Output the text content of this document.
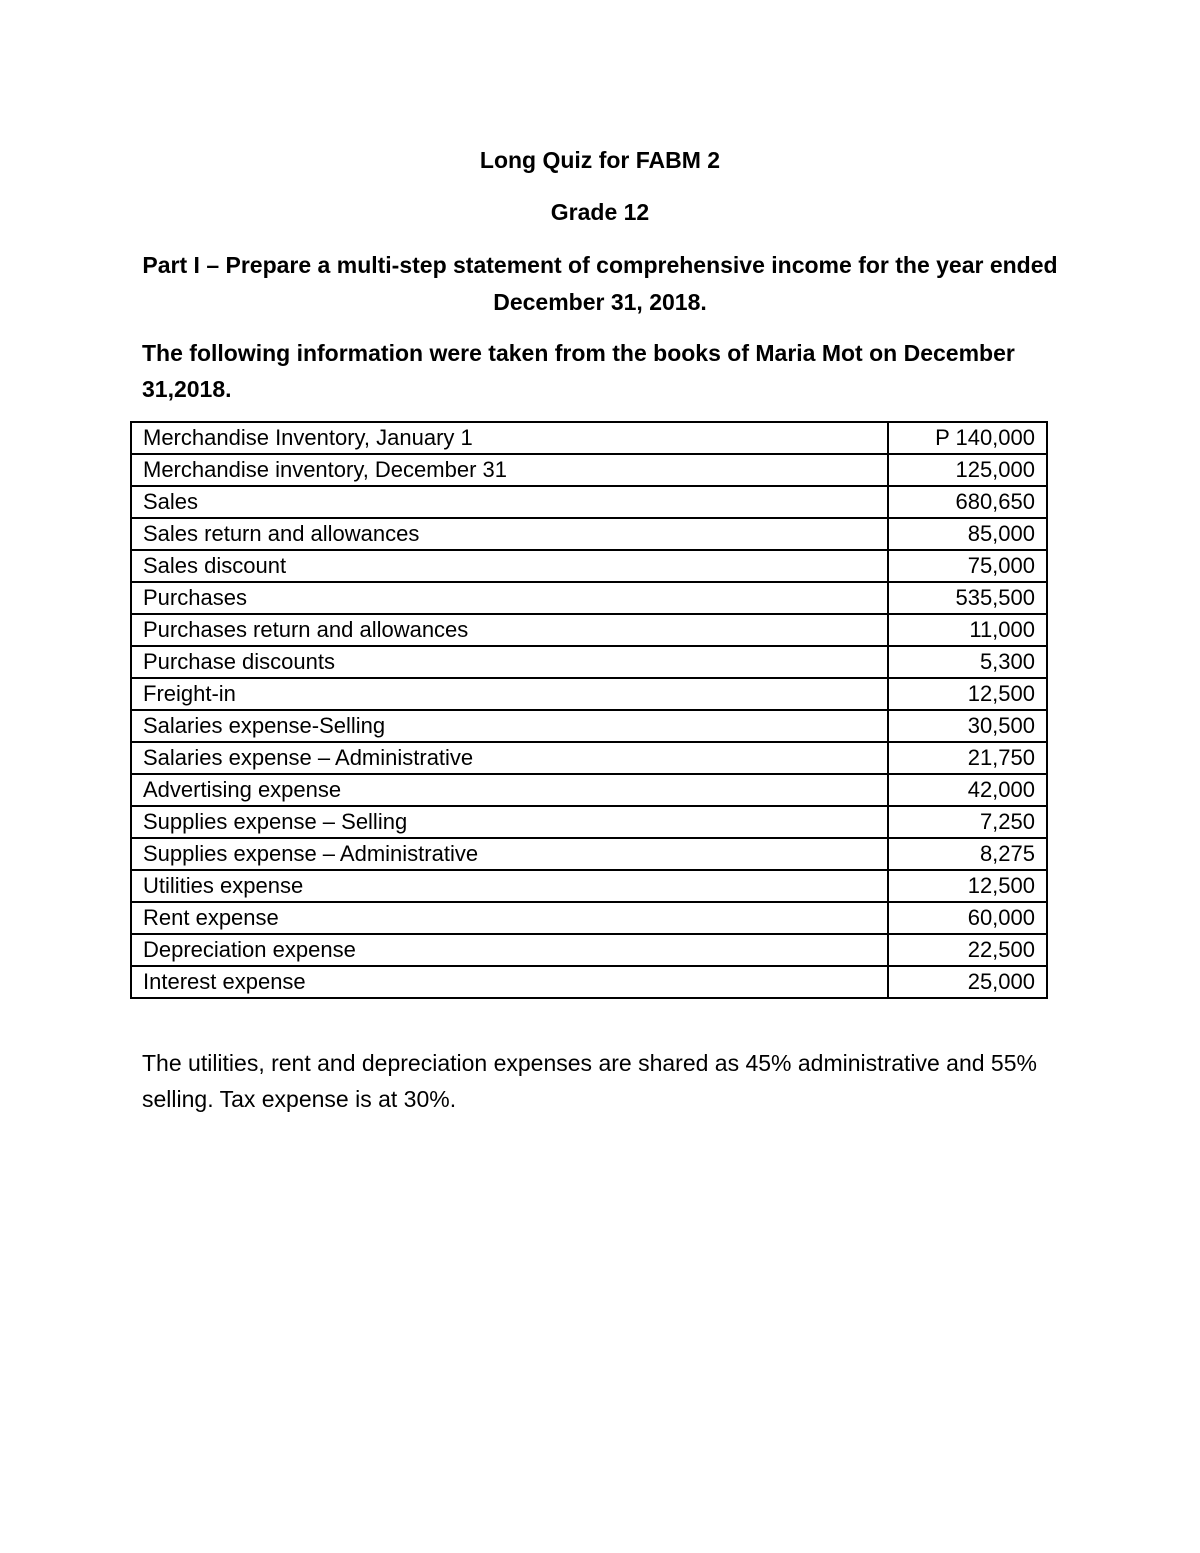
Long Quiz for FABM 2
Grade 12
Part I – Prepare a multi-step statement of comprehensive income for the year ended December 31, 2018.
The following information were taken from the books of Maria Mot on December 31,2018.
Merchandise Inventory, January 1	P 140,000
Merchandise inventory, December 31	125,000
Sales	680,650
Sales return and allowances	85,000
Sales discount	75,000
Purchases	535,500
Purchases return and allowances	11,000
Purchase discounts	5,300
Freight-in	12,500
Salaries expense-Selling	30,500
Salaries expense – Administrative	21,750
Advertising expense	42,000
Supplies expense – Selling	7,250
Supplies expense – Administrative	8,275
Utilities expense	12,500
Rent expense	60,000
Depreciation expense	22,500
Interest expense	25,000
The utilities, rent and depreciation expenses are shared as 45% administrative and 55% selling. Tax expense is at 30%.
